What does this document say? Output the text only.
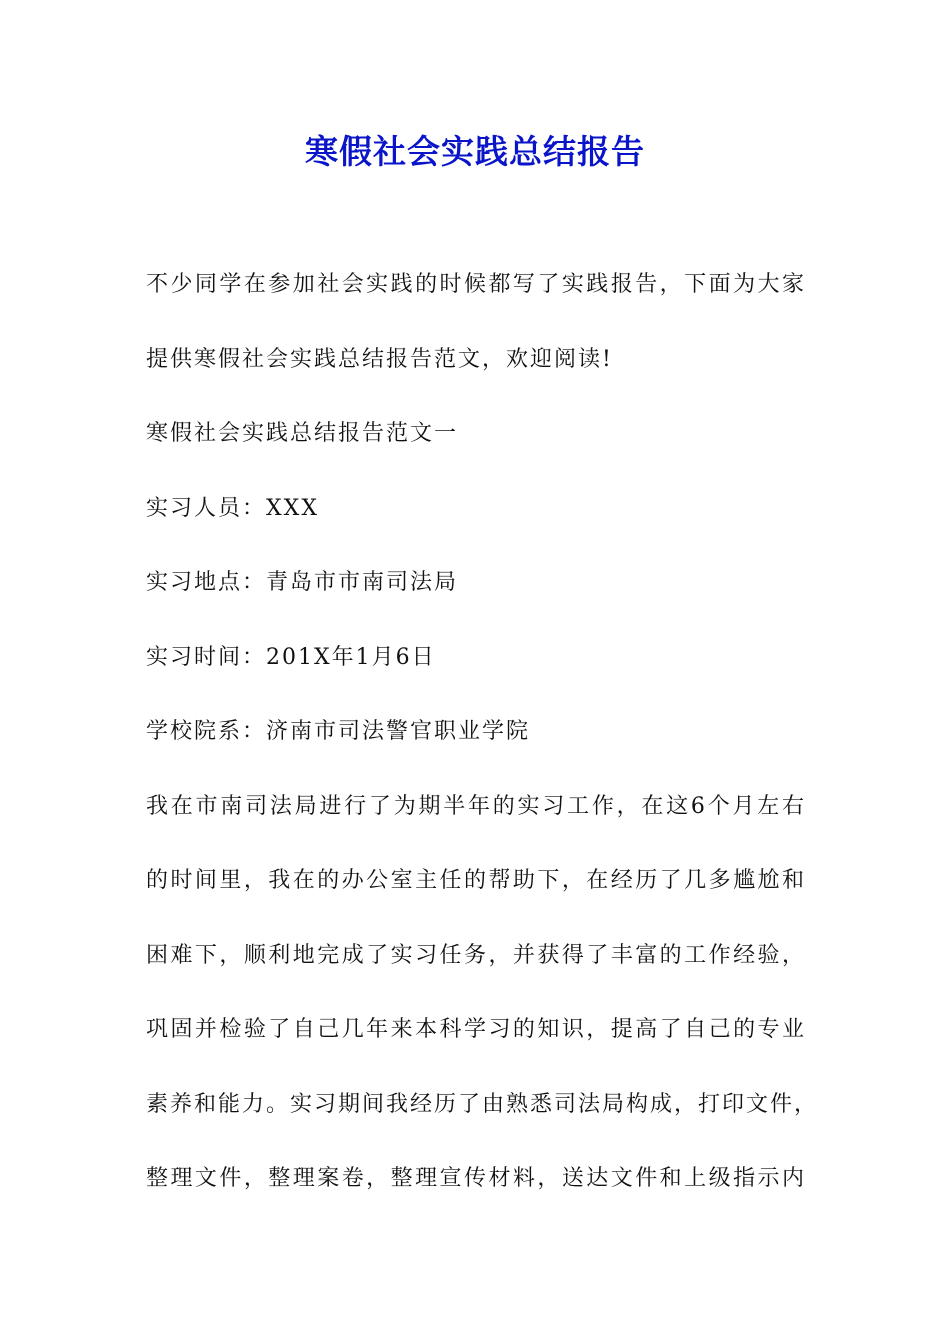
寒假社会实践总结报告
不少同学在参加社会实践的时候都写了实践报告，下面为大家
提供寒假社会实践总结报告范文，欢迎阅读!
寒假社会实践总结报告范文一
实习人员：XXX
实习地点：青岛市市南司法局
实习时间：201X年1月6日
学校院系：济南市司法警官职业学院
我在市南司法局进行了为期半年的实习工作，在这6个月左右
的时间里，我在的办公室主任的帮助下，在经历了几多尴尬和
困难下，顺利地完成了实习任务，并获得了丰富的工作经验，
巩固并检验了自己几年来本科学习的知识，提高了自己的专业
素养和能力。实习期间我经历了由熟悉司法局构成，打印文件，
整理文件，整理案卷，整理宣传材料，送达文件和上级指示内
